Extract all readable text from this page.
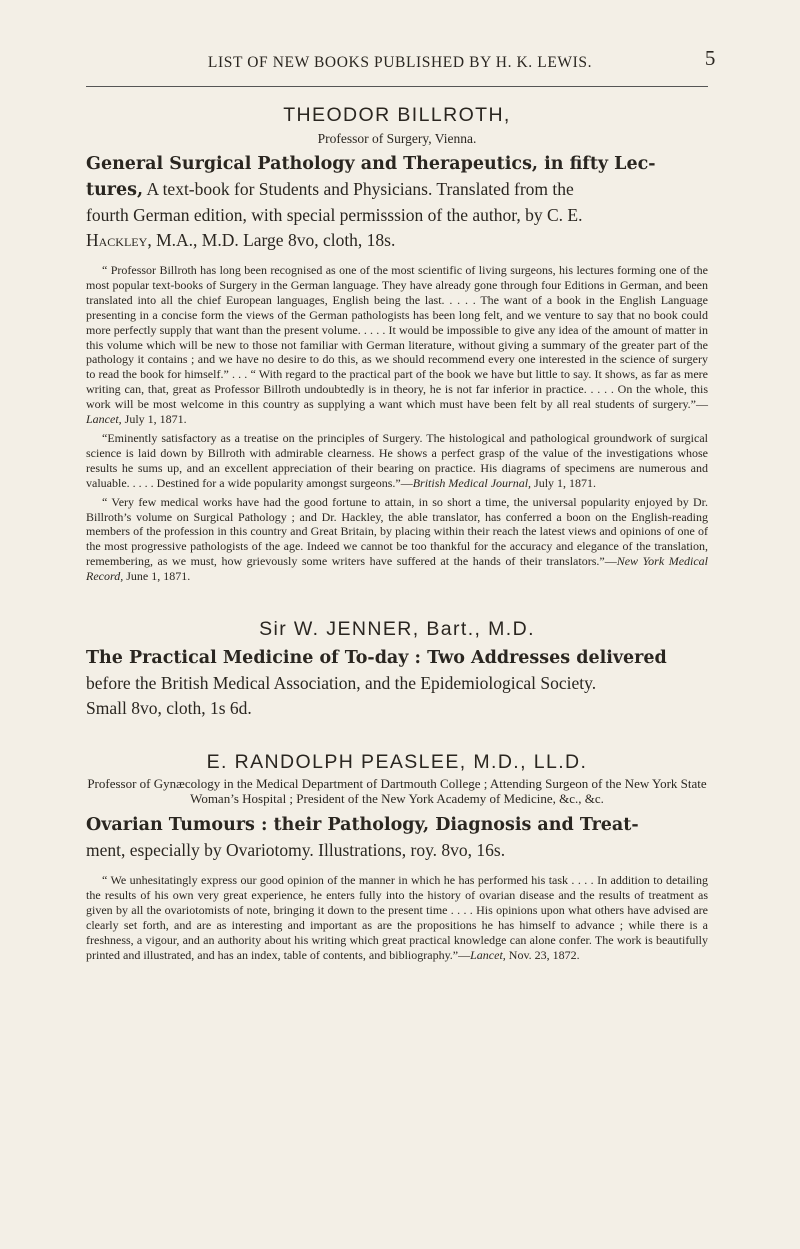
LIST OF NEW BOOKS PUBLISHED BY H. K. LEWIS.	5

THEODOR BILLROTH,

Professor of Surgery, Vienna.

General Surgical Pathology and Therapeutics, in fifty Lec-

tures, A text-book for Students and Physicians. Translated from the

fourth German edition, with special permisssion of the author, by C. E.

Hackley, M.A., M.D. Large 8vo, cloth, 18s.

“ Professor Billroth has long been recognised as one of the most scientific of living surgeons, his lectures forming one of the most popular text-books of Surgery in the German language. They have already gone through four Editions in German, and been translated into all the chief European languages, English being the last. . . . . The want of a book in the English Language presenting in a concise form the views of the German pathologists has been long felt, and we venture to say that no book could more perfectly supply that want than the present volume. . . . . It would be impossible to give any idea of the amount of matter in this volume which will be new to those not familiar with German literature, without giving a summary of the greater part of the pathology it contains ; and we have no desire to do this, as we should recommend every one interested in the science of surgery to read the book for himself.” . . . “ With regard to the practical part of the book we have but little to say. It shows, as far as mere writing can, that, great as Professor Billroth undoubtedly is in theory, he is not far inferior in practice. . . . . On the whole, this work will be most welcome in this country as supplying a want which must have been felt by all real students of surgery.”—Lancet, July 1, 1871.

“Eminently satisfactory as a treatise on the principles of Surgery. The histological and pathological groundwork of surgical science is laid down by Billroth with admirable clearness. He shows a perfect grasp of the value of the investigations whose results he sums up, and an excellent appreciation of their bearing on practice. His diagrams of specimens are numerous and valuable. . . . . Destined for a wide popularity amongst surgeons.”—British Medical Journal, July 1, 1871.

“ Very few medical works have had the good fortune to attain, in so short a time, the universal popularity enjoyed by Dr. Billroth’s volume on Surgical Pathology ; and Dr. Hackley, the able translator, has conferred a boon on the English-reading members of the profession in this country and Great Britain, by placing within their reach the latest views and opinions of one of the most progressive pathologists of the age. Indeed we cannot be too thankful for the accuracy and elegance of the translation, remembering, as we must, how grievously some writers have suffered at the hands of their translators.”—New York Medical Record, June 1, 1871.

Sir W. JENNER, Bart., M.D.

The Practical Medicine of To-day : Two Addresses delivered

before the British Medical Association, and the Epidemiological Society.

Small 8vo, cloth, 1s 6d.

E. RANDOLPH PEASLEE, M.D., LL.D.

Professor of Gynæcology in the Medical Department of Dartmouth College ; Attending Surgeon of the New York State Woman’s Hospital ; President of the New York Academy of Medicine, &c., &c.

Ovarian Tumours : their Pathology, Diagnosis and Treat-

ment, especially by Ovariotomy. Illustrations, roy. 8vo, 16s.

“ We unhesitatingly express our good opinion of the manner in which he has performed his task . . . . In addition to detailing the results of his own very great experience, he enters fully into the history of ovarian disease and the results of treatment as given by all the ovariotomists of note, bringing it down to the present time . . . . His opinions upon what others have advised are clearly set forth, and are as interesting and important as are the propositions he has himself to advance ; while there is a freshness, a vigour, and an authority about his writing which great practical knowledge can alone confer. The work is beautifully printed and illustrated, and has an index, table of contents, and bibliography.”—Lancet, Nov. 23, 1872.
